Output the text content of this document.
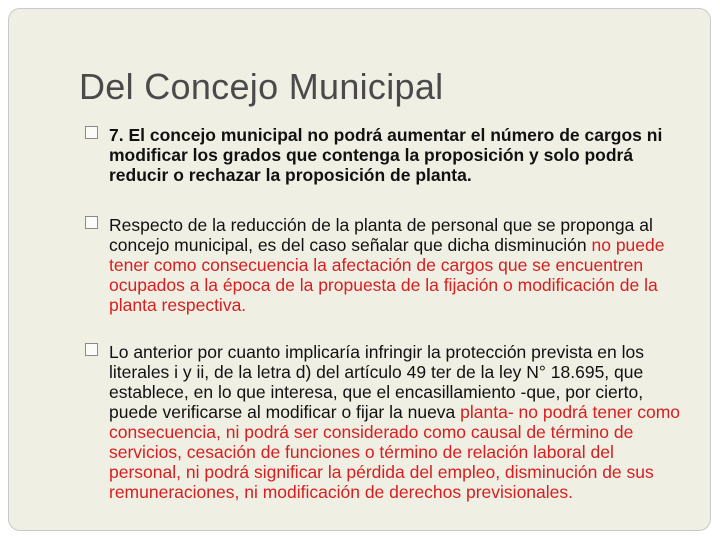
Del Concejo Municipal
7. El concejo municipal no podrá aumentar el número de cargos ni modificar los grados que contenga la proposición y solo podrá reducir o rechazar la proposición de planta.
Respecto de la reducción de la planta de personal que se proponga al concejo municipal, es del caso señalar que dicha disminución no puede tener como consecuencia la afectación de cargos que se encuentren ocupados a la época de la propuesta de la fijación o modificación de la planta respectiva.
Lo anterior por cuanto implicaría infringir la protección prevista en los literales i y ii, de la letra d) del artículo 49 ter de la ley N° 18.695, que establece, en lo que interesa, que el encasillamiento -que, por cierto, puede verificarse al modificar o fijar la nueva planta- no podrá tener como consecuencia, ni podrá ser considerado como causal de término de servicios, cesación de funciones o término de relación laboral del personal, ni podrá significar la pérdida del empleo, disminución de sus remuneraciones, ni modificación de derechos previsionales.
